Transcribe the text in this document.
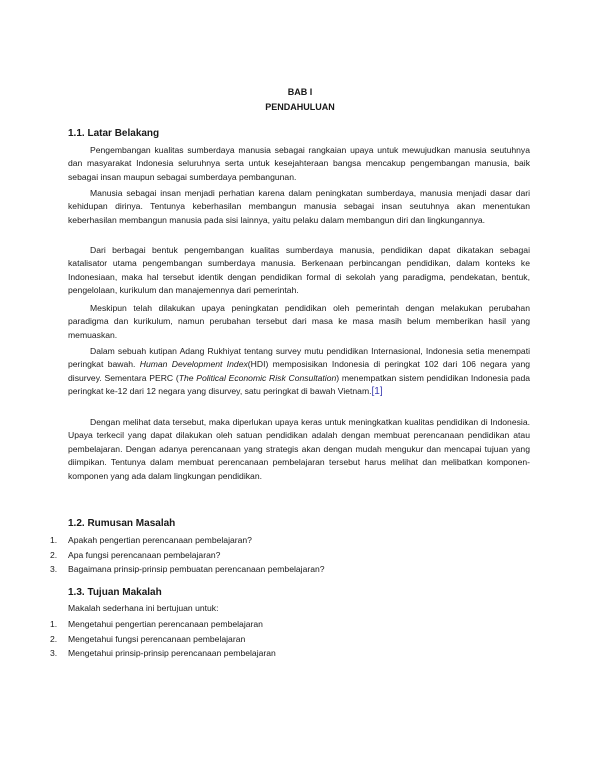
BAB I
PENDAHULUAN
1.1. Latar Belakang

Pengembangan kualitas sumberdaya manusia sebagai rangkaian upaya untuk mewujudkan manusia seutuhnya dan masyarakat Indonesia seluruhnya serta untuk kesejahteraan bangsa mencakup pengembangan manusia, baik sebagai insan maupun sebagai sumberdaya pembangunan.

Manusia sebagai insan menjadi perhatian karena dalam peningkatan sumberdaya, manusia menjadi dasar dari kehidupan dirinya. Tentunya keberhasilan membangun manusia sebagai insan seutuhnya akan menentukan keberhasilan membangun manusia pada sisi lainnya, yaitu pelaku dalam membangun diri dan lingkungannya.

Dari berbagai bentuk pengembangan kualitas sumberdaya manusia, pendidikan dapat dikatakan sebagai katalisator utama pengembangan sumberdaya manusia. Berkenaan perbincangan pendidikan, dalam konteks ke Indonesiaan, maka hal tersebut identik dengan pendidikan formal di sekolah yang paradigma, pendekatan, bentuk, pengelolaan, kurikulum dan manajemennya dari pemerintah.

Meskipun telah dilakukan upaya peningkatan pendidikan oleh pemerintah dengan melakukan perubahan paradigma dan kurikulum, namun perubahan tersebut dari masa ke masa masih belum memberikan hasil yang memuaskan.

Dalam sebuah kutipan Adang Rukhiyat tentang survey mutu pendidikan Internasional, Indonesia setia menempati peringkat bawah. Human Development Index(HDI) memposisikan Indonesia di peringkat 102 dari 106 negara yang disurvey. Sementara PERC (The Political Economic Risk Consultation) menempatkan sistem pendidikan Indonesia pada peringkat ke-12 dari 12 negara yang disurvey, satu peringkat di bawah Vietnam.[1]

Dengan melihat data tersebut, maka diperlukan upaya keras untuk meningkatkan kualitas pendidikan di Indonesia. Upaya terkecil yang dapat dilakukan oleh satuan pendidikan adalah dengan membuat perencanaan pendidikan atau pembelajaran. Dengan adanya perencanaan yang strategis akan dengan mudah mengukur dan mencapai tujuan yang diimpikan. Tentunya dalam membuat perencanaan pembelajaran tersebut harus melihat dan melibatkan komponen-komponen yang ada dalam lingkungan pendidikan.

1.2. Rumusan Masalah
1. Apakah pengertian perencanaan pembelajaran?
2. Apa fungsi perencanaan pembelajaran?
3. Bagaimana prinsip-prinsip pembuatan perencanaan pembelajaran?
1.3. Tujuan Makalah
Makalah sederhana ini bertujuan untuk:
1. Mengetahui pengertian perencanaan pembelajaran
2. Mengetahui fungsi perencanaan pembelajaran
3. Mengetahui prinsip-prinsip perencanaan pembelajaran
